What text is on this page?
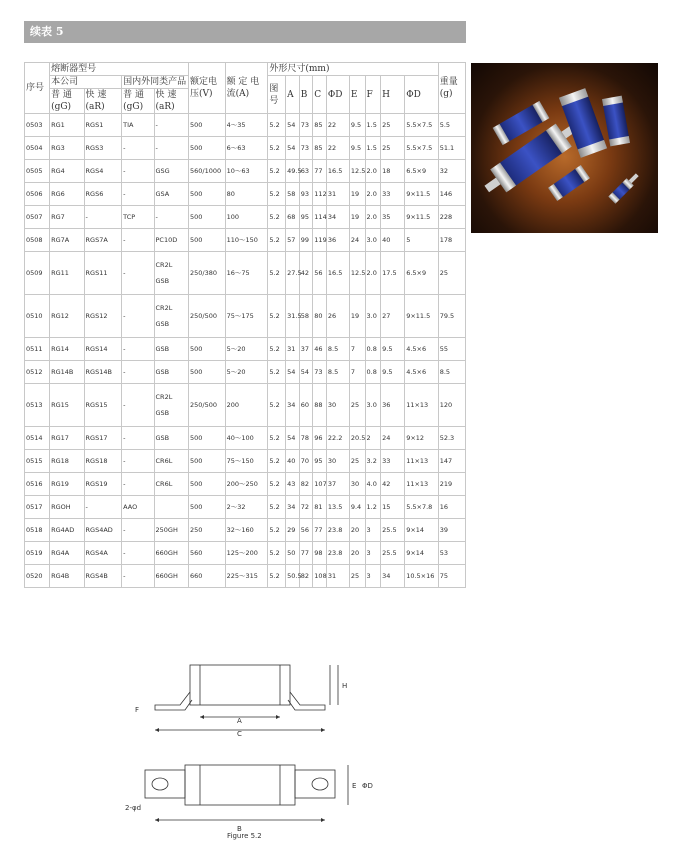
续表 5
序号	熔断器型号				额定电压(V)	额 定 电 流(A)	外形尺寸(mm)									重量(g)
	本公司		国内外同类产品				图号	A	B	C	ΦD	E	F	H	ΦD	

	普 通 (gG)	快 速 (aR)	普 通 (gG)	快 速 (aR)												
0503	RG1	RGS1	TIA	-	500	4～35	5.2	54	73	85	22	9.5	1.5	25	5.5×7.5	5.5
0504	RG3	RGS3	-	-	500	6～63	5.2	54	73	85	22	9.5	1.5	25	5.5×7.5	51.1
0505	RG4	RGS4	-	GSG	560/1000	10～63	5.2	49.5	63	77	16.5	12.5	2.0	18	6.5×9	32
0506	RG6	RGS6	-	GSA	500	80	5.2	58	93	112	31	19	2.0	33	9×11.5	146
0507	RG7	-	TCP	-	500	100	5.2	68	95	114	34	19	2.0	35	9×11.5	228
0508	RG7A	RGS7A	-	PC10D	500	110～150	5.2	57	99	119	36	24	3.0	40	5	178
0509	RG11	RGS11	-	CR2L GSB	250/380	16～75	5.2	27.5	42	56	16.5	12.5	2.0	17.5	6.5×9	25
0510	RG12	RGS12	-	CR2L GSB	250/500	75～175	5.2	31.5	58	80	26	19	3.0	27	9×11.5	79.5
0511	RG14	RGS14	-	GSB	500	5～20	5.2	31	37	46	8.5	7	0.8	9.5	4.5×6	55
0512	RG14B	RGS14B	-	GSB	500	5～20	5.2	54	54	73	8.5	7	0.8	9.5	4.5×6	8.5
0513	RG15	RGS15	-	CR2L GSB	250/500	200	5.2	34	60	88	30	25	3.0	36	11×13	120
0514	RG17	RGS17	-	GSB	500	40～100	5.2	54	78	96	22.2	20.5	2	24	9×12	52.3
0515	RG18	RGS18	-	CR6L	500	75～150	5.2	40	70	95	30	25	3.2	33	11×13	147
0516	RG19	RGS19	-	CR6L	500	200～250	5.2	43	82	107	37	30	4.0	42	11×13	219
0517	RGOH	-	AAO		500	2～32	5.2	34	72	81	13.5	9.4	1.2	15	5.5×7.8	16
0518	RG4AD	RGS4AD	-	250GH	250	32～160	5.2	29	56	77	23.8	20	3	25.5	9×14	39
0519	RG4A	RGS4A	-	660GH	560	125～200	5.2	50	77	98	23.8	20	3	25.5	9×14	53
0520	RG4B	RGS4B	-	660GH	660	225～315	5.2	50.5	82	108	31	25	3	34	10.5×16	75
A
C
H
F
E ΦD
B
2-φd
Figure 5.2
